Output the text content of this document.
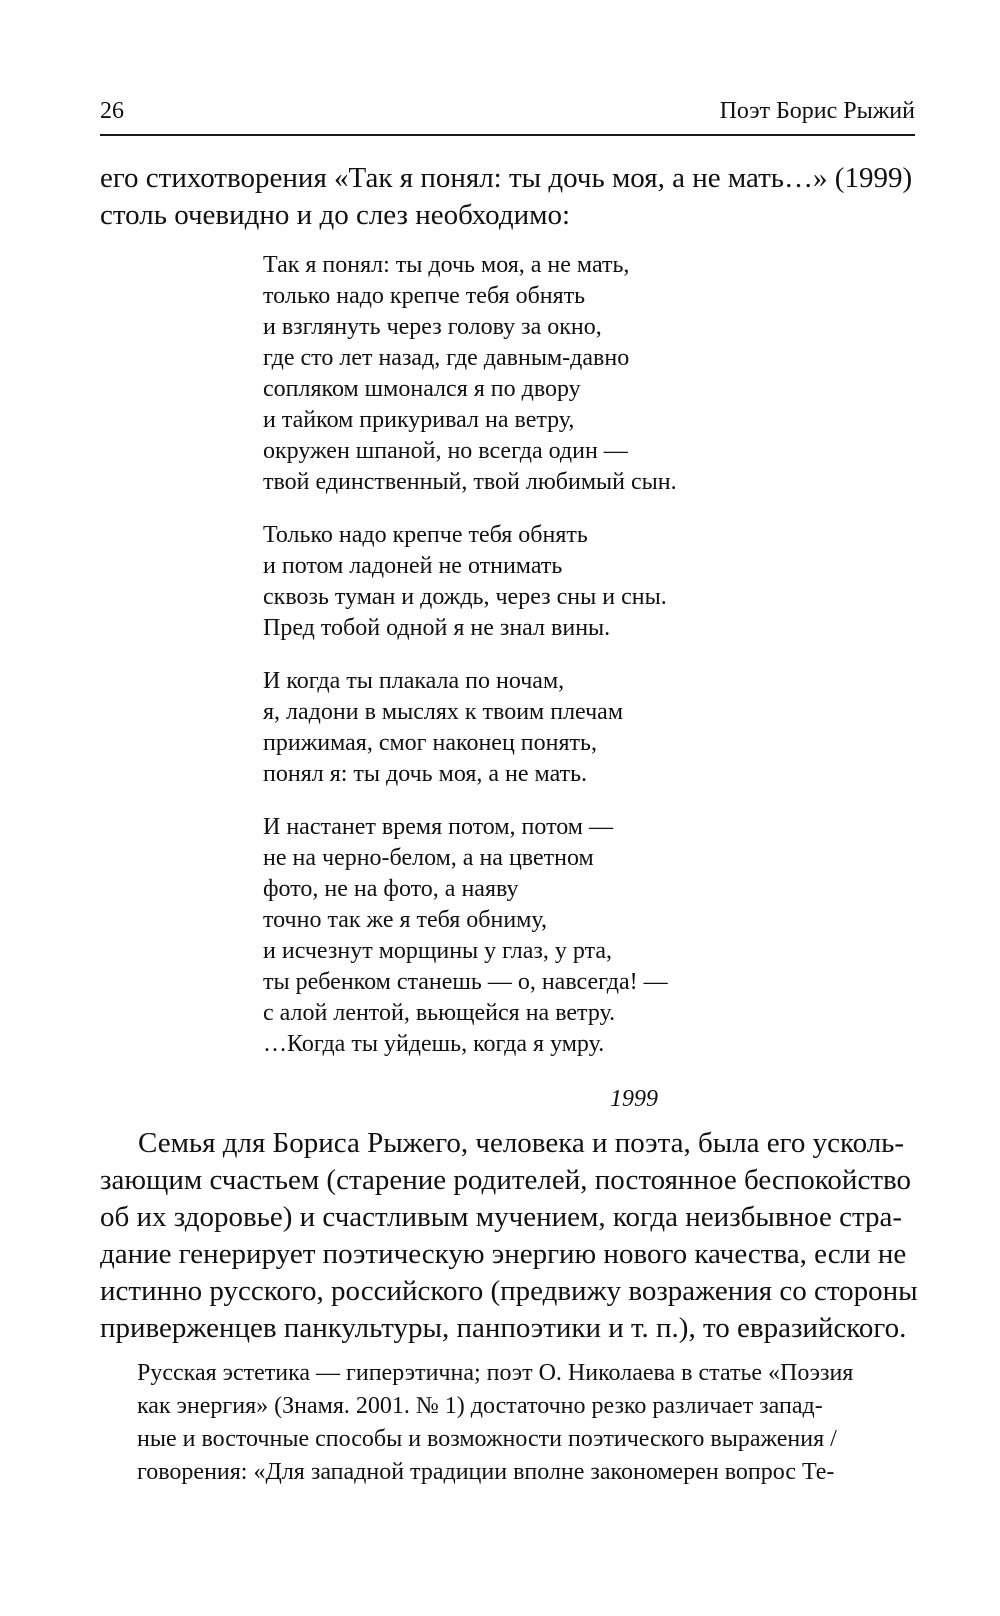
26	Поэт Борис Рыжий
его стихотворения «Так я понял: ты дочь моя, а не мать…» (1999)
столь очевидно и до слез необходимо:
Так я понял: ты дочь моя, а не мать,
только надо крепче тебя обнять
и взглянуть через голову за окно,
где сто лет назад, где давным-давно
сопляком шмонался я по двору
и тайком прикуривал на ветру,
окружен шпаной, но всегда один —
твой единственный, твой любимый сын.
Только надо крепче тебя обнять
и потом ладоней не отнимать
сквозь туман и дождь, через сны и сны.
Пред тобой одной я не знал вины.
И когда ты плакала по ночам,
я, ладони в мыслях к твоим плечам
прижимая, смог наконец понять,
понял я: ты дочь моя, а не мать.
И настанет время потом, потом —
не на черно-белом, а на цветном
фото, не на фото, а наяву
точно так же я тебя обниму,
и исчезнут морщины у глаз, у рта,
ты ребенком станешь — о, навсегда! —
с алой лентой, вьющейся на ветру.
…Когда ты уйдешь, когда я умру.
1999
Семья для Бориса Рыжего, человека и поэта, была его усколь-
зающим счастьем (старение родителей, постоянное беспокойство
об их здоровье) и счастливым мучением, когда неизбывное стра-
дание генерирует поэтическую энергию нового качества, если не
истинно русского, российского (предвижу возражения со стороны
приверженцев панкультуры, панпоэтики и т. п.), то евразийского.
Русская эстетика — гиперэтична; поэт О. Николаева в статье «Поэзия
как энергия» (Знамя. 2001. № 1) достаточно резко различает запад-
ные и восточные способы и возможности поэтического выражения /
говорения: «Для западной традиции вполне закономерен вопрос Те-
